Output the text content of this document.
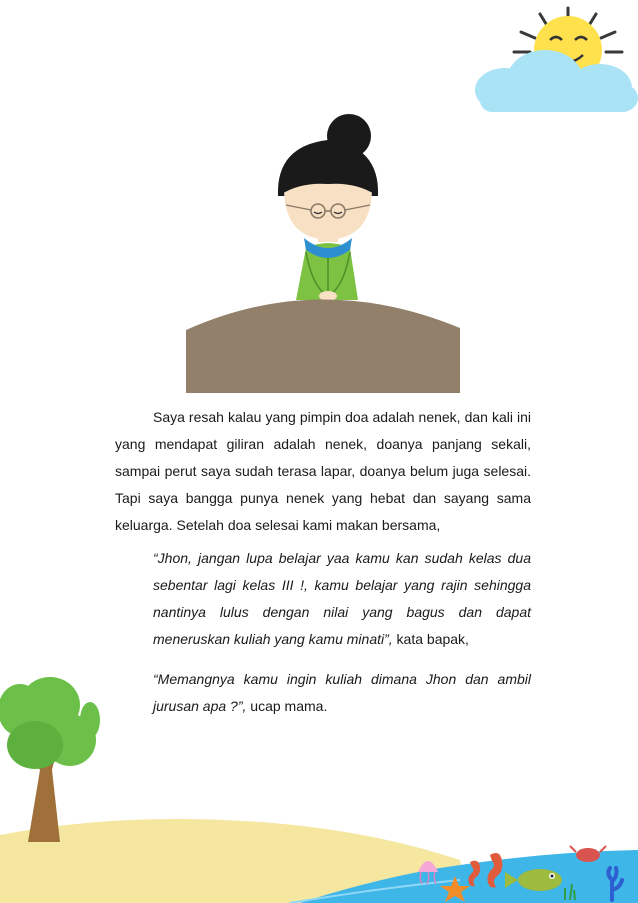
Saya resah kalau yang pimpin doa adalah nenek, dan kali ini yang mendapat giliran adalah nenek, doanya panjang sekali, sampai perut saya sudah terasa lapar, doanya belum juga selesai. Tapi saya bangga punya nenek yang hebat dan sayang sama keluarga. Setelah doa selesai kami makan bersama,

“Jhon, jangan lupa belajar yaa kamu kan sudah kelas dua sebentar lagi kelas III !, kamu belajar yang rajin sehingga nantinya lulus dengan nilai yang bagus dan dapat meneruskan kuliah yang kamu minati”, kata bapak,

“Memangnya kamu ingin kuliah dimana Jhon dan ambil jurusan apa ?”, ucap mama.
